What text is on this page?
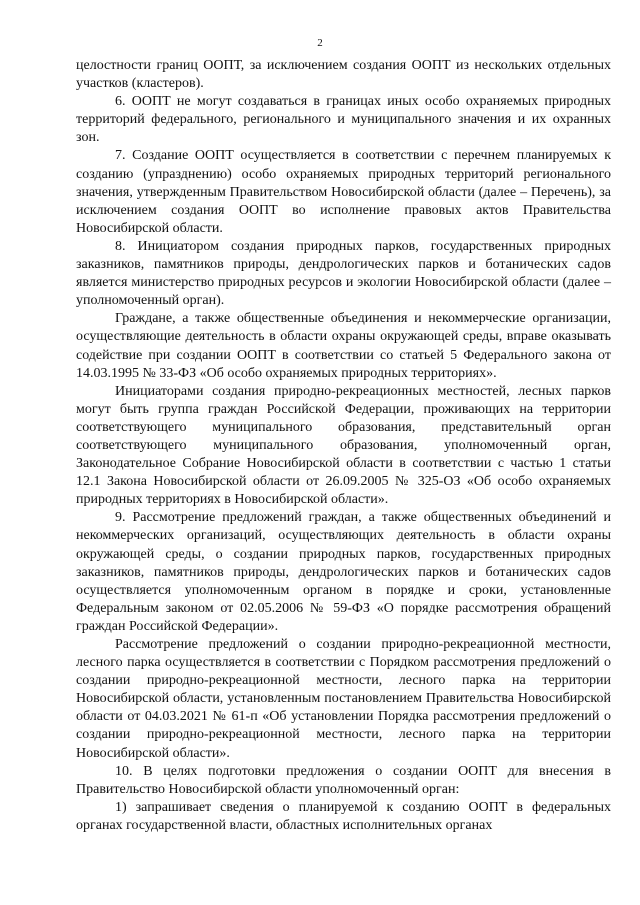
2

целостности границ ООПТ, за исключением создания ООПТ из нескольких отдельных участков (кластеров).

6. ООПТ не могут создаваться в границах иных особо охраняемых природных территорий федерального, регионального и муниципального значения и их охранных зон.

7. Создание ООПТ осуществляется в соответствии с перечнем планируемых к созданию (упразднению) особо охраняемых природных территорий регионального значения, утвержденным Правительством Новосибирской области (далее – Перечень), за исключением создания ООПТ во исполнение правовых актов Правительства Новосибирской области.

8. Инициатором создания природных парков, государственных природных заказников, памятников природы, дендрологических парков и ботанических садов является министерство природных ресурсов и экологии Новосибирской области (далее – уполномоченный орган).

Граждане, а также общественные объединения и некоммерческие организации, осуществляющие деятельность в области охраны окружающей среды, вправе оказывать содействие при создании ООПТ в соответствии со статьей 5 Федерального закона от 14.03.1995 № 33-ФЗ «Об особо охраняемых природных территориях».

Инициаторами создания природно-рекреационных местностей, лесных парков могут быть группа граждан Российской Федерации, проживающих на территории соответствующего муниципального образования, представительный орган соответствующего муниципального образования, уполномоченный орган, Законодательное Собрание Новосибирской области в соответствии с частью 1 статьи 12.1 Закона Новосибирской области от 26.09.2005 № 325-ОЗ «Об особо охраняемых природных территориях в Новосибирской области».

9. Рассмотрение предложений граждан, а также общественных объединений и некоммерческих организаций, осуществляющих деятельность в области охраны окружающей среды, о создании природных парков, государственных природных заказников, памятников природы, дендрологических парков и ботанических садов осуществляется уполномоченным органом в порядке и сроки, установленные Федеральным законом от 02.05.2006 № 59-ФЗ «О порядке рассмотрения обращений граждан Российской Федерации».

Рассмотрение предложений о создании природно-рекреационной местности, лесного парка осуществляется в соответствии с Порядком рассмотрения предложений о создании природно-рекреационной местности, лесного парка на территории Новосибирской области, установленным постановлением Правительства Новосибирской области от 04.03.2021 № 61-п «Об установлении Порядка рассмотрения предложений о создании природно-рекреационной местности, лесного парка на территории Новосибирской области».

10. В целях подготовки предложения о создании ООПТ для внесения в Правительство Новосибирской области уполномоченный орган:

1) запрашивает сведения о планируемой к созданию ООПТ в федеральных органах государственной власти, областных исполнительных органах
